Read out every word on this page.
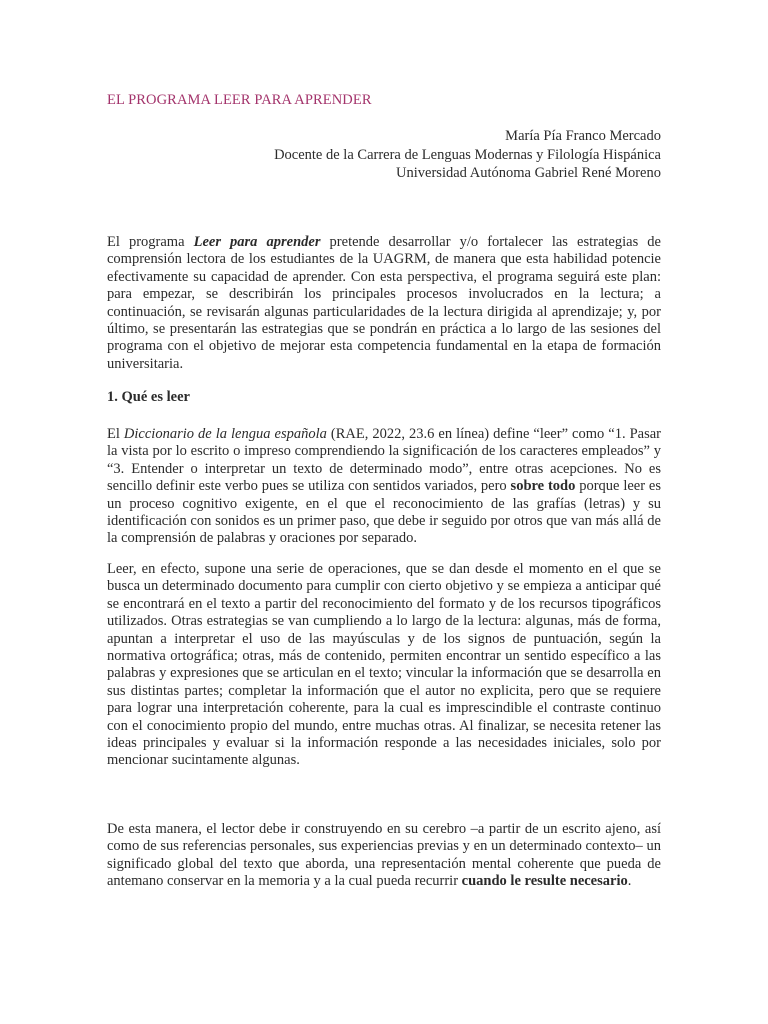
EL PROGRAMA LEER PARA APRENDER
María Pía Franco Mercado
Docente de la Carrera de Lenguas Modernas y Filología Hispánica
Universidad Autónoma Gabriel René Moreno

El programa Leer para aprender pretende desarrollar y/o fortalecer las estrategias de comprensión lectora de los estudiantes de la UAGRM, de manera que esta habilidad potencie efectivamente su capacidad de aprender. Con esta perspectiva, el programa seguirá este plan: para empezar, se describirán los principales procesos involucrados en la lectura; a continuación, se revisarán algunas particularidades de la lectura dirigida al aprendizaje; y, por último, se presentarán las estrategias que se pondrán en práctica a lo largo de las sesiones del programa con el objetivo de mejorar esta competencia fundamental en la etapa de formación universitaria.

1. Qué es leer

El Diccionario de la lengua española (RAE, 2022, 23.6 en línea) define “leer” como “1. Pasar la vista por lo escrito o impreso comprendiendo la significación de los caracteres empleados” y “3. Entender o interpretar un texto de determinado modo”, entre otras acepciones. No es sencillo definir este verbo pues se utiliza con sentidos variados, pero sobre todo porque leer es un proceso cognitivo exigente, en el que el reconocimiento de las grafías (letras) y su identificación con sonidos es un primer paso, que debe ir seguido por otros que van más allá de la comprensión de palabras y oraciones por separado.

Leer, en efecto, supone una serie de operaciones, que se dan desde el momento en el que se busca un determinado documento para cumplir con cierto objetivo y se empieza a anticipar qué se encontrará en el texto a partir del reconocimiento del formato y de los recursos tipográficos utilizados. Otras estrategias se van cumpliendo a lo largo de la lectura: algunas, más de forma, apuntan a interpretar el uso de las mayúsculas y de los signos de puntuación, según la normativa ortográfica; otras, más de contenido, permiten encontrar un sentido específico a las palabras y expresiones que se articulan en el texto; vincular la información que se desarrolla en sus distintas partes; completar la información que el autor no explicita, pero que se requiere para lograr una interpretación coherente, para la cual es imprescindible el contraste continuo con el conocimiento propio del mundo, entre muchas otras. Al finalizar, se necesita retener las ideas principales y evaluar si la información responde a las necesidades iniciales, solo por mencionar sucintamente algunas.

De esta manera, el lector debe ir construyendo en su cerebro –a partir de un escrito ajeno, así como de sus referencias personales, sus experiencias previas y en un determinado contexto– un significado global del texto que aborda, una representación mental coherente que pueda de antemano conservar en la memoria y a la cual pueda recurrir cuando le resulte necesario.
